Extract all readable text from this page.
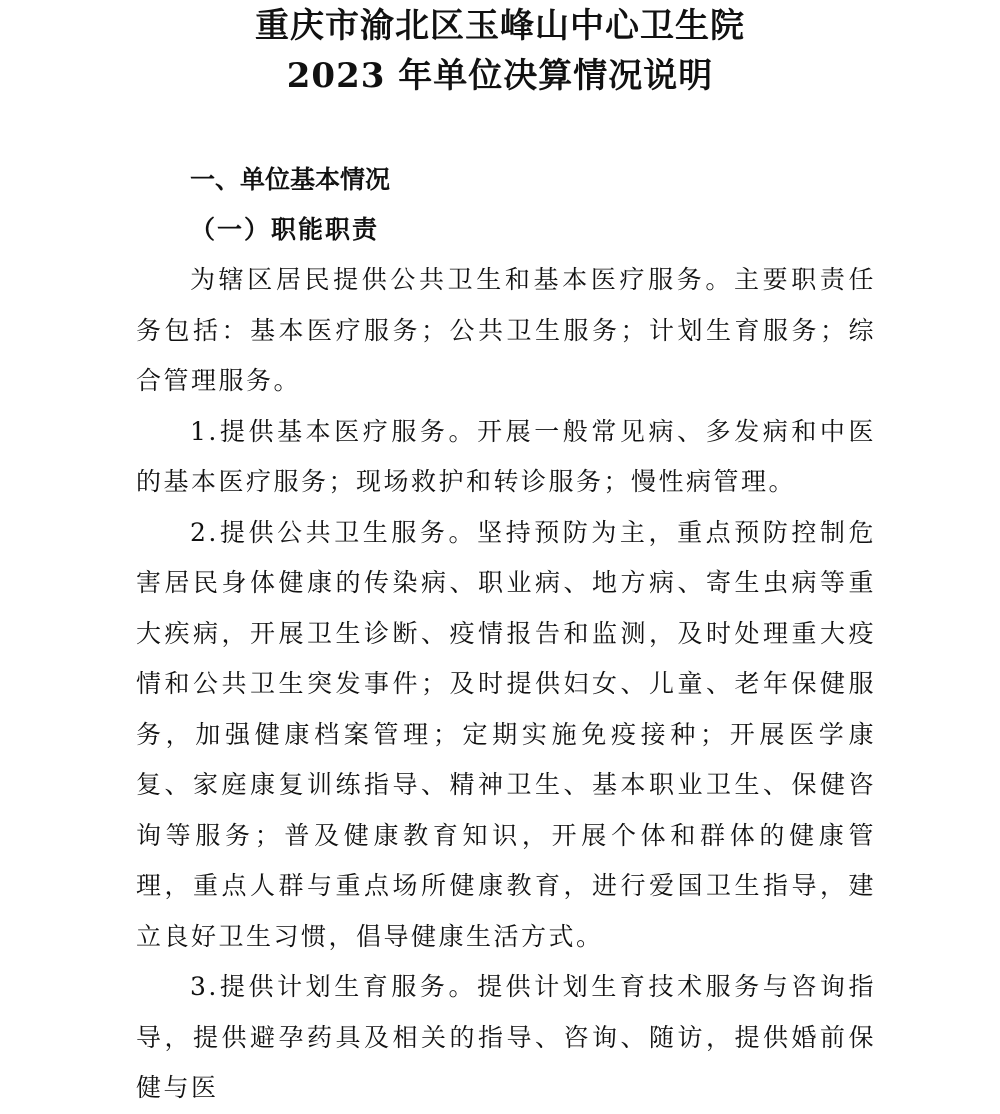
重庆市渝北区玉峰山中心卫生院
2023 年单位决算情况说明
一、单位基本情况
（一）职能职责

为辖区居民提供公共卫生和基本医疗服务。主要职责任务包括：基本医疗服务；公共卫生服务；计划生育服务；综合管理服务。

1.提供基本医疗服务。开展一般常见病、多发病和中医的基本医疗服务；现场救护和转诊服务；慢性病管理。

2.提供公共卫生服务。坚持预防为主，重点预防控制危害居民身体健康的传染病、职业病、地方病、寄生虫病等重大疾病，开展卫生诊断、疫情报告和监测，及时处理重大疫情和公共卫生突发事件；及时提供妇女、儿童、老年保健服务，加强健康档案管理；定期实施免疫接种；开展医学康复、家庭康复训练指导、精神卫生、基本职业卫生、保健咨询等服务；普及健康教育知识，开展个体和群体的健康管理，重点人群与重点场所健康教育，进行爱国卫生指导，建立良好卫生习惯，倡导健康生活方式。

3.提供计划生育服务。提供计划生育技术服务与咨询指导，提供避孕药具及相关的指导、咨询、随访，提供婚前保健与医
